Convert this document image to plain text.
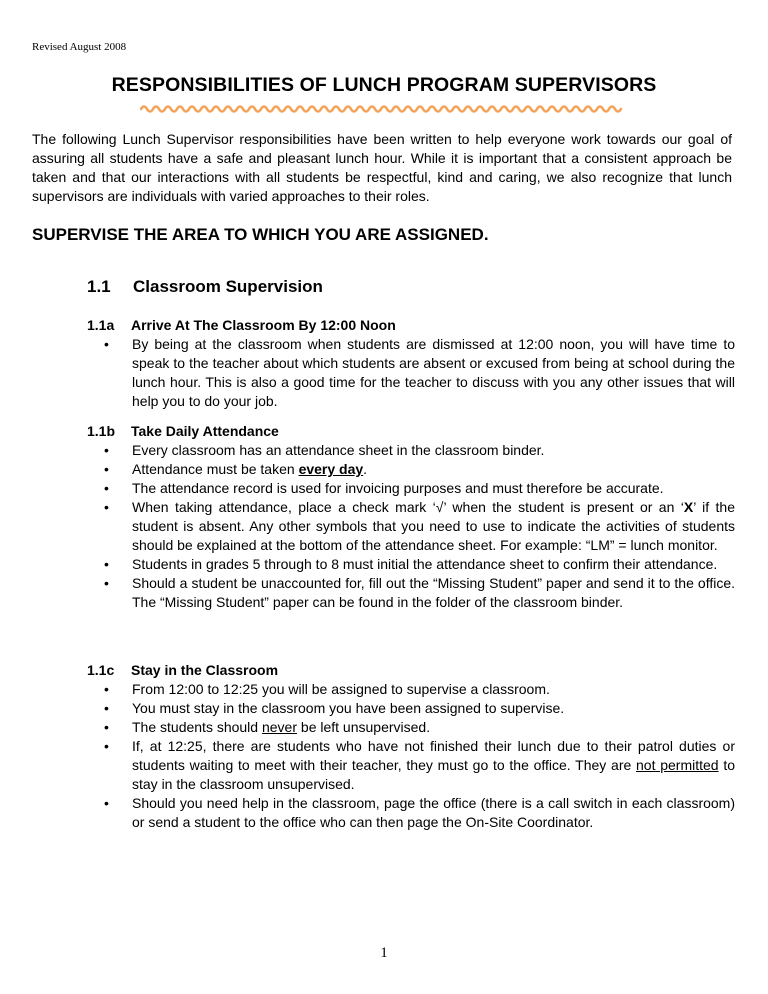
Revised August 2008
RESPONSIBILITIES OF LUNCH PROGRAM SUPERVISORS

The following Lunch Supervisor responsibilities have been written to help everyone work towards our goal of assuring all students have a safe and pleasant lunch hour. While it is important that a consistent approach be taken and that our interactions with all students be respectful, kind and caring, we also recognize that lunch supervisors are individuals with varied approaches to their roles.

SUPERVISE THE AREA TO WHICH YOU ARE ASSIGNED.
1.1 Classroom Supervision
1.1a Arrive At The Classroom By 12:00 Noon
• By being at the classroom when students are dismissed at 12:00 noon, you will have time to speak to the teacher about which students are absent or excused from being at school during the lunch hour. This is also a good time for the teacher to discuss with you any other issues that will help you to do your job.
1.1b Take Daily Attendance
• Every classroom has an attendance sheet in the classroom binder.
• Attendance must be taken every day.
• The attendance record is used for invoicing purposes and must therefore be accurate.
• When taking attendance, place a check mark ‘√’ when the student is present or an ‘X’ if the student is absent. Any other symbols that you need to use to indicate the activities of students should be explained at the bottom of the attendance sheet. For example: “LM” = lunch monitor.
• Students in grades 5 through to 8 must initial the attendance sheet to confirm their attendance.
• Should a student be unaccounted for, fill out the “Missing Student” paper and send it to the office. The “Missing Student” paper can be found in the folder of the classroom binder.
1.1c Stay in the Classroom
• From 12:00 to 12:25 you will be assigned to supervise a classroom.
• You must stay in the classroom you have been assigned to supervise.
• The students should never be left unsupervised.
• If, at 12:25, there are students who have not finished their lunch due to their patrol duties or students waiting to meet with their teacher, they must go to the office. They are not permitted to stay in the classroom unsupervised.
• Should you need help in the classroom, page the office (there is a call switch in each classroom) or send a student to the office who can then page the On-Site Coordinator.
1
